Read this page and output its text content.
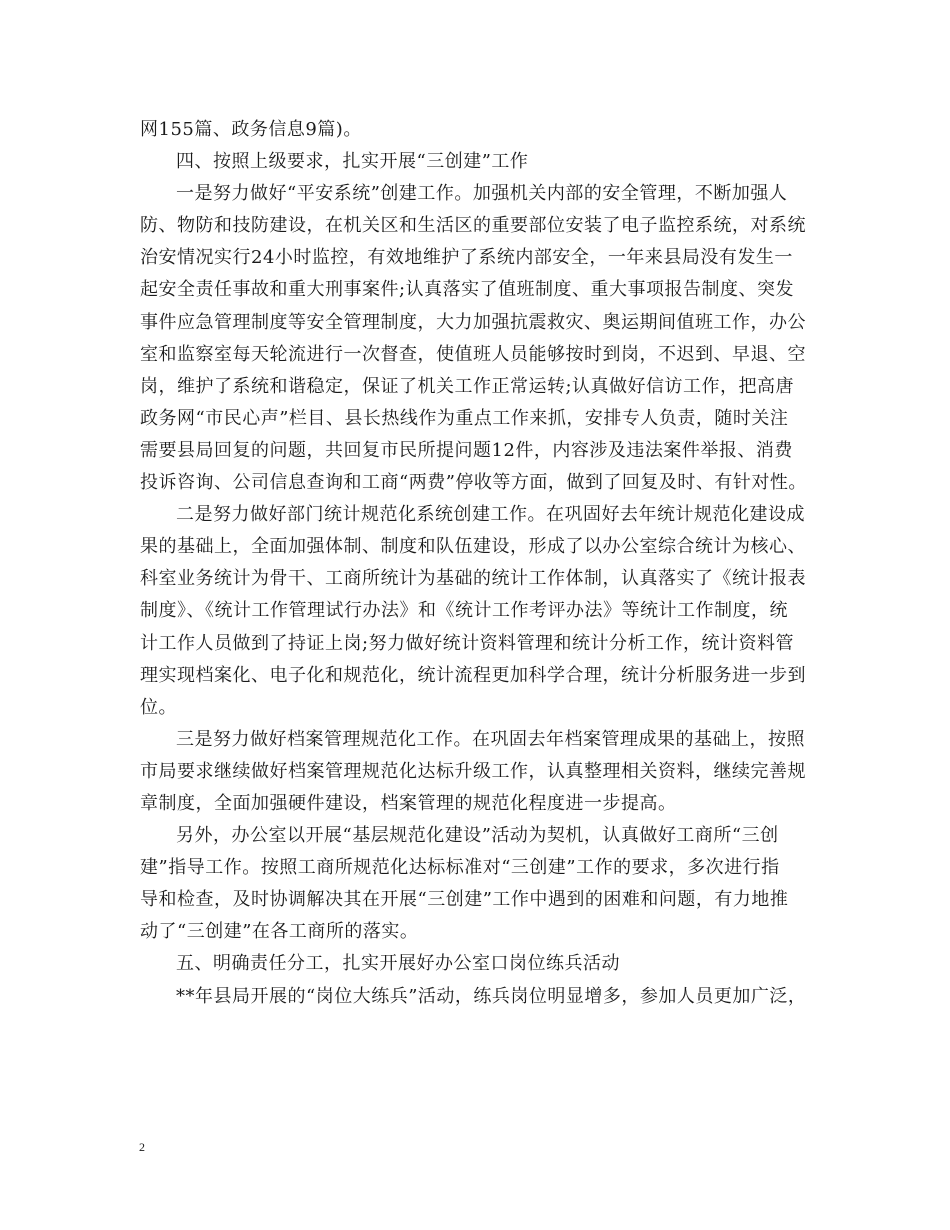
网155篇、政务信息9篇)。
四、按照上级要求，扎实开展“三创建”工作
一是努力做好“平安系统”创建工作。加强机关内部的安全管理，不断加强人
防、物防和技防建设，在机关区和生活区的重要部位安装了电子监控系统，对系统
治安情况实行24小时监控，有效地维护了系统内部安全，一年来县局没有发生一
起安全责任事故和重大刑事案件;认真落实了值班制度、重大事项报告制度、突发
事件应急管理制度等安全管理制度，大力加强抗震救灾、奥运期间值班工作，办公
室和监察室每天轮流进行一次督查，使值班人员能够按时到岗，不迟到、早退、空
岗，维护了系统和谐稳定，保证了机关工作正常运转;认真做好信访工作，把高唐
政务网“市民心声”栏目、县长热线作为重点工作来抓，安排专人负责，随时关注
需要县局回复的问题，共回复市民所提问题12件，内容涉及违法案件举报、消费
投诉咨询、公司信息查询和工商“两费”停收等方面，做到了回复及时、有针对性。
二是努力做好部门统计规范化系统创建工作。在巩固好去年统计规范化建设成
果的基础上，全面加强体制、制度和队伍建设，形成了以办公室综合统计为核心、
科室业务统计为骨干、工商所统计为基础的统计工作体制，认真落实了《统计报表
制度》、《统计工作管理试行办法》和《统计工作考评办法》等统计工作制度，统
计工作人员做到了持证上岗;努力做好统计资料管理和统计分析工作，统计资料管
理实现档案化、电子化和规范化，统计流程更加科学合理，统计分析服务进一步到
位。
三是努力做好档案管理规范化工作。在巩固去年档案管理成果的基础上，按照
市局要求继续做好档案管理规范化达标升级工作，认真整理相关资料，继续完善规
章制度，全面加强硬件建设，档案管理的规范化程度进一步提高。
另外，办公室以开展“基层规范化建设”活动为契机，认真做好工商所“三创
建”指导工作。按照工商所规范化达标标准对“三创建”工作的要求，多次进行指
导和检查，及时协调解决其在开展“三创建”工作中遇到的困难和问题，有力地推
动了“三创建”在各工商所的落实。
五、明确责任分工，扎实开展好办公室口岗位练兵活动
**年县局开展的“岗位大练兵”活动，练兵岗位明显增多，参加人员更加广泛，
2
